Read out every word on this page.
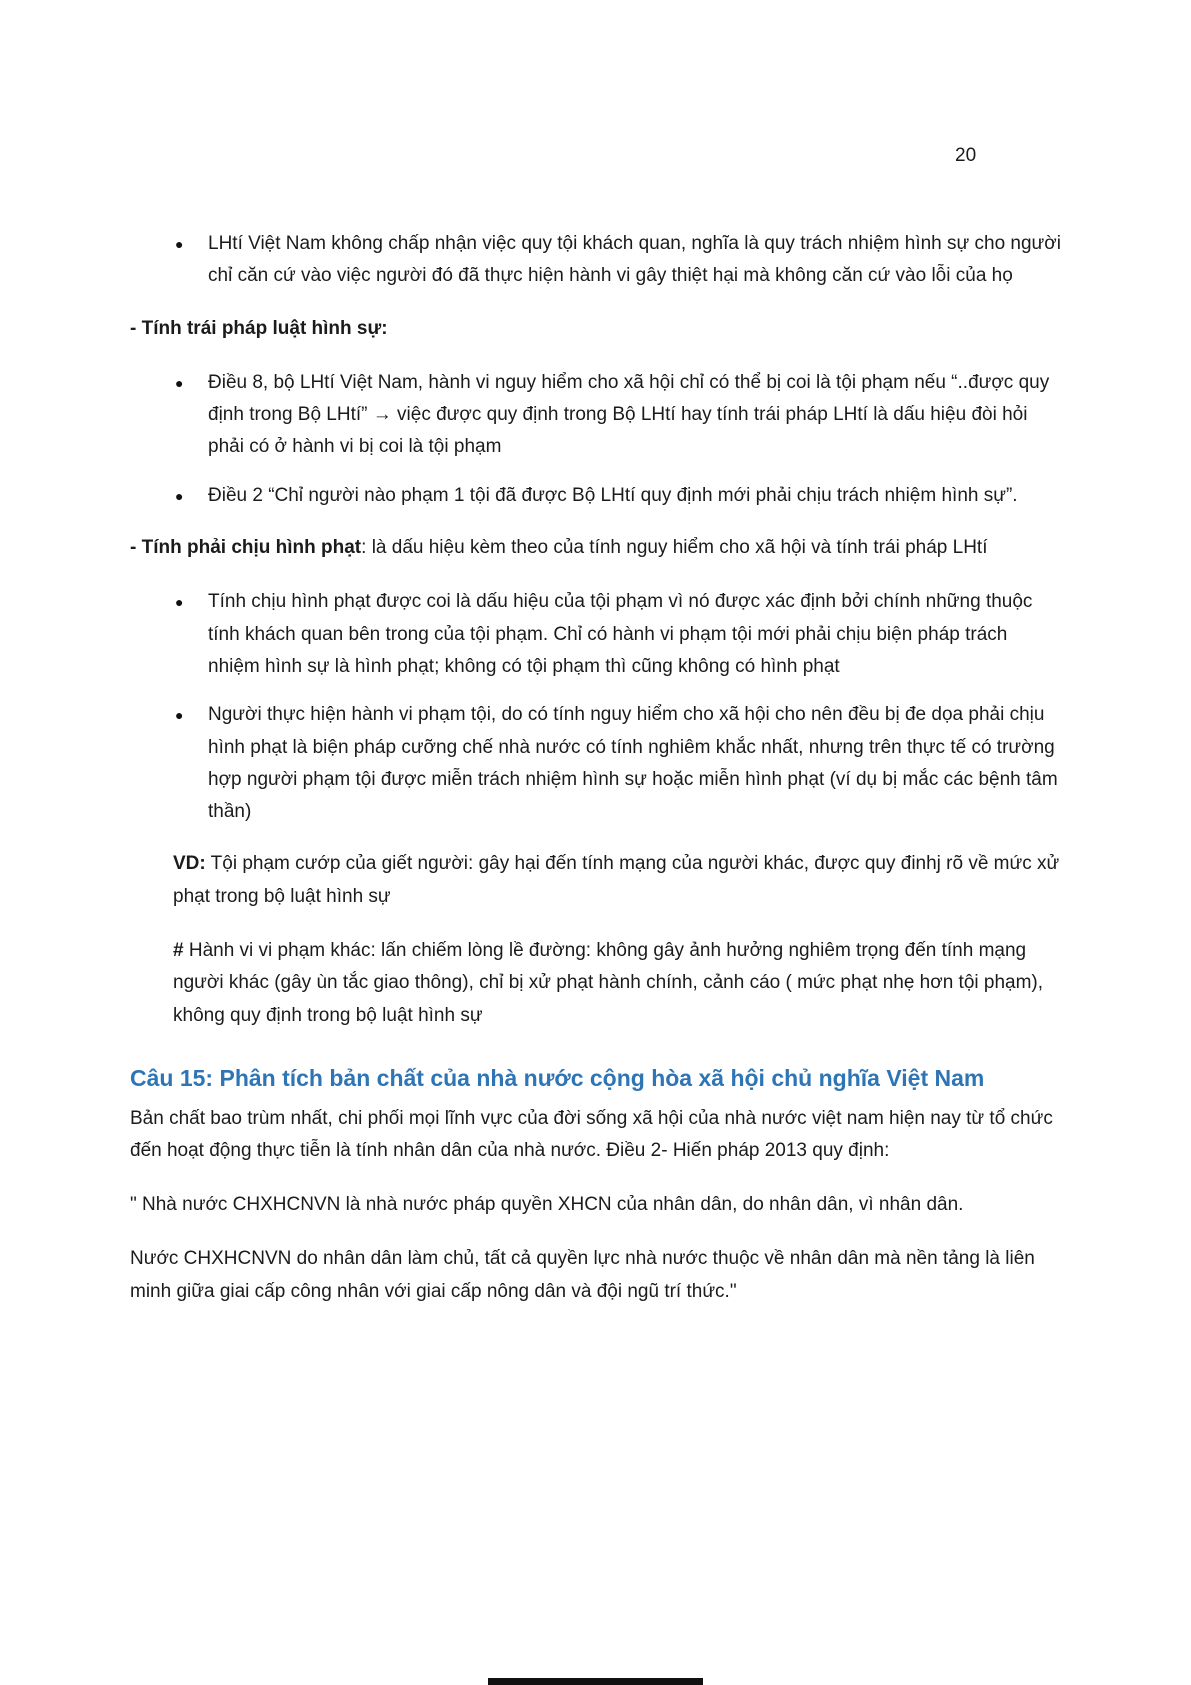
20
●	LHtí Việt Nam không chấp nhận việc quy tội khách quan, nghĩa là quy trách nhiệm hình sự cho người chỉ căn cứ vào việc người đó đã thực hiện hành vi gây thiệt hại mà không căn cứ vào lỗi của họ

- Tính trái pháp luật hình sự:

●	Điều 8, bộ LHtí Việt Nam, hành vi nguy hiểm cho xã hội chỉ có thể bị coi là tội phạm nếu “..được quy định trong Bộ LHtí” → việc được quy định trong Bộ LHtí hay tính trái pháp LHtí là dấu hiệu đòi hỏi phải có ở hành vi bị coi là tội phạm
●	Điều 2 “Chỉ người nào phạm 1 tội đã được Bộ LHtí quy định mới phải chịu trách nhiệm hình sự”.

- Tính phải chịu hình phạt: là dấu hiệu kèm theo của tính nguy hiểm cho xã hội và tính trái pháp LHtí

●	Tính chịu hình phạt được coi là dấu hiệu của tội phạm vì nó được xác định bởi chính những thuộc tính khách quan bên trong của tội phạm. Chỉ có hành vi phạm tội mới phải chịu biện pháp trách nhiệm hình sự là hình phạt; không có tội phạm thì cũng không có hình phạt
●	Người thực hiện hành vi phạm tội, do có tính nguy hiểm cho xã hội cho nên đều bị đe dọa phải chịu hình phạt là biện pháp cưỡng chế nhà nước có tính nghiêm khắc nhất, nhưng trên thực tế có trường hợp người phạm tội được miễn trách nhiệm hình sự hoặc miễn hình phạt (ví dụ bị mắc các bệnh tâm thần)

VD: Tội phạm cướp của giết người: gây hại đến tính mạng của người khác, được quy đinhj rõ về mức xử phạt trong bộ luật hình sự

# Hành vi vi phạm khác: lấn chiếm lòng lề đường: không gây ảnh hưởng nghiêm trọng đến tính mạng người khác (gây ùn tắc giao thông), chỉ bị xử phạt hành chính, cảnh cáo ( mức phạt nhẹ hơn tội phạm), không quy định trong bộ luật hình sự

Câu 15: Phân tích bản chất của nhà nước cộng hòa xã hội chủ nghĩa Việt Nam

Bản chất bao trùm nhất, chi phối mọi lĩnh vực của đời sống xã hội của nhà nước việt nam hiện nay từ tổ chức đến hoạt động thực tiễn là tính nhân dân của nhà nước. Điều 2- Hiến pháp 2013 quy định:

" Nhà nước CHXHCNVN là nhà nước pháp quyền XHCN của nhân dân, do nhân dân, vì nhân dân.

Nước CHXHCNVN do nhân dân làm chủ, tất cả quyền lực nhà nước thuộc về nhân dân mà nền tảng là liên minh giữa giai cấp công nhân với giai cấp nông dân và đội ngũ trí thức."
